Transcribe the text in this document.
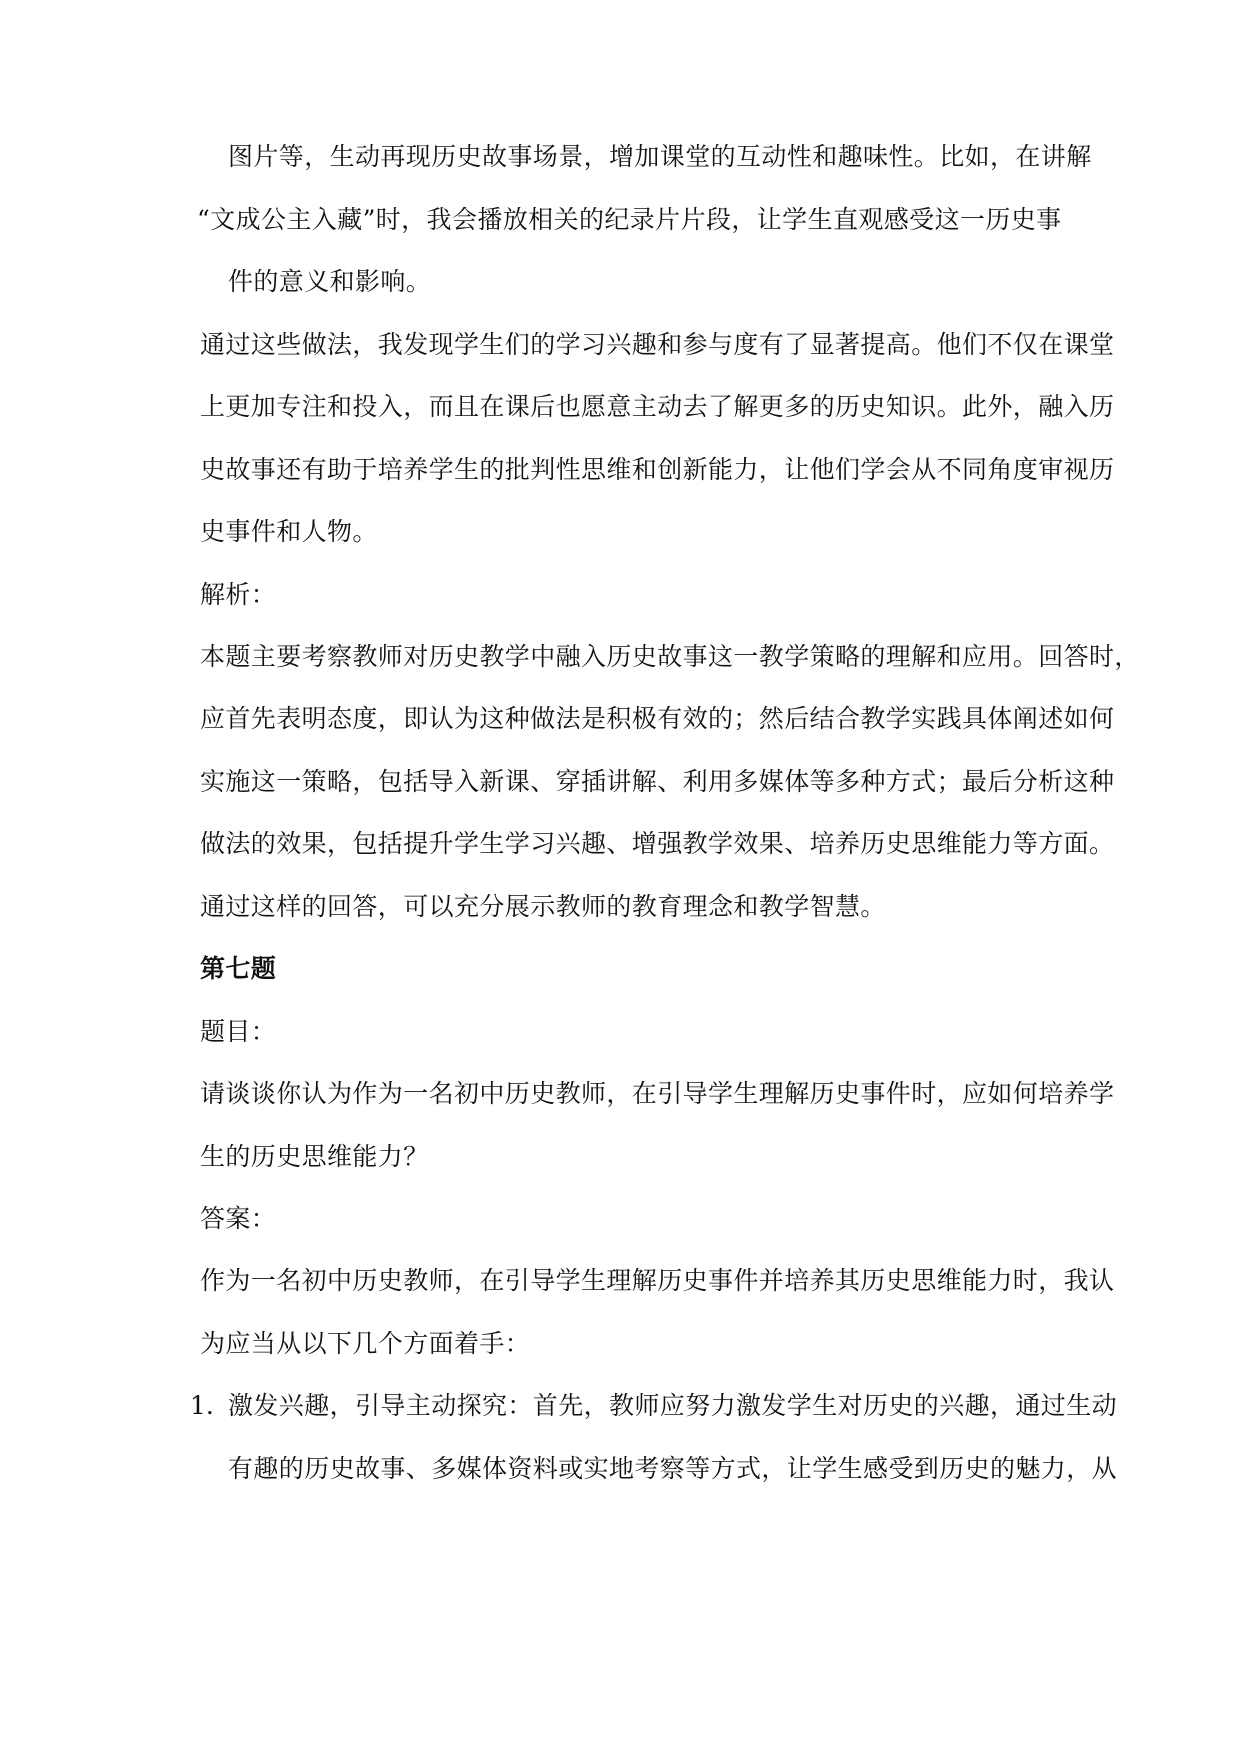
图片等，生动再现历史故事场景，增加课堂的互动性和趣味性。比如，在讲解
“文成公主入藏”时，我会播放相关的纪录片片段，让学生直观感受这一历史事
件的意义和影响。
通过这些做法，我发现学生们的学习兴趣和参与度有了显著提高。他们不仅在课堂
上更加专注和投入，而且在课后也愿意主动去了解更多的历史知识。此外，融入历
史故事还有助于培养学生的批判性思维和创新能力，让他们学会从不同角度审视历
史事件和人物。
解析：
本题主要考察教师对历史教学中融入历史故事这一教学策略的理解和应用。回答时，
应首先表明态度，即认为这种做法是积极有效的；然后结合教学实践具体阐述如何
实施这一策略，包括导入新课、穿插讲解、利用多媒体等多种方式；最后分析这种
做法的效果，包括提升学生学习兴趣、增强教学效果、培养历史思维能力等方面。
通过这样的回答，可以充分展示教师的教育理念和教学智慧。
第七题
题目：
请谈谈你认为作为一名初中历史教师，在引导学生理解历史事件时，应如何培养学
生的历史思维能力？
答案：
作为一名初中历史教师，在引导学生理解历史事件并培养其历史思维能力时，我认
为应当从以下几个方面着手：
1. 激发兴趣，引导主动探究：首先，教师应努力激发学生对历史的兴趣，通过生动
有趣的历史故事、多媒体资料或实地考察等方式，让学生感受到历史的魅力，从
